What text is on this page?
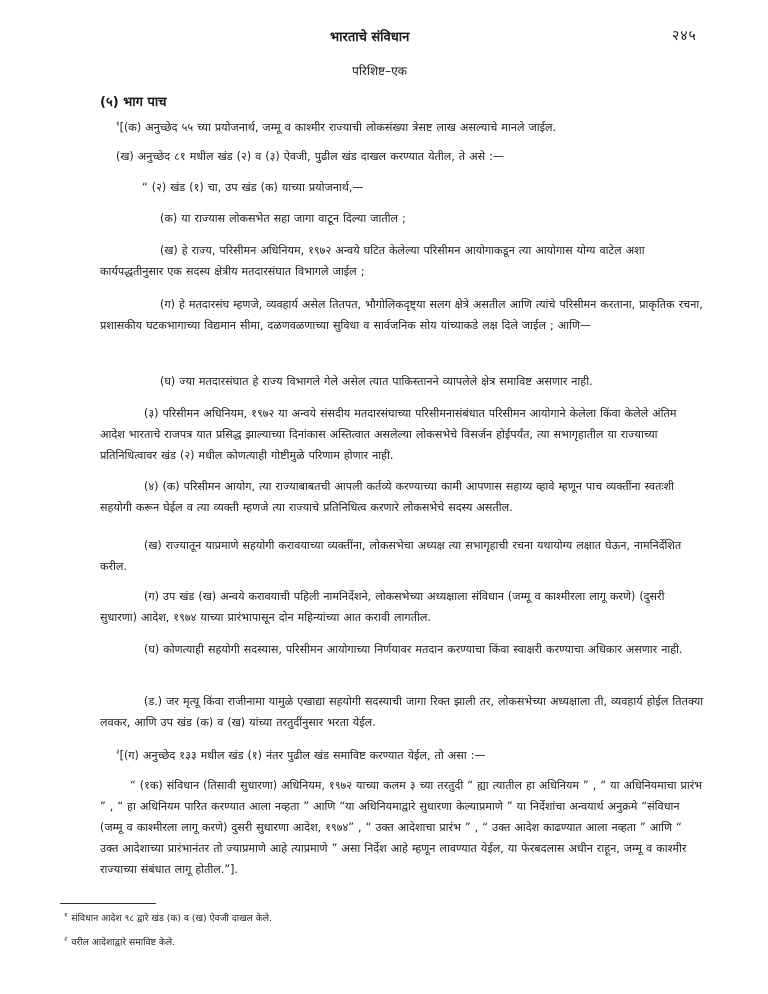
भारताचे संविधान	२४५
परिशिष्ट–एक
(५) भाग पाच

$^१$[(क) अनुच्छेद ५५ च्या प्रयोजनार्थ, जम्मू व काश्मीर राज्याची लोकसंख्या त्रेसष्ट लाख असल्याचे मानले जाईल.

(ख) अनुच्छेद ८१ मधील खंड (२) व (३) ऐवजी, पुढील खंड दाखल करण्यात येतील, ते असे :—

“ (२) खंड (१) चा, उप खंड (क) याच्या प्रयोजनार्थ,—

(क) या राज्यास लोकसभेत सहा जागा वाटून दिल्या जातील ;

(ख) हे राज्य, परिसीमन अधिनियम, १९७२ अन्वये घटित केलेल्या परिसीमन आयोगाकडून त्या आयोगास योग्य वाटेल अशा कार्यपद्धतीनुसार एक सदस्य क्षेत्रीय मतदारसंघात विभागले जाईल ;

(ग) हे मतदारसंघ म्हणजे, व्यवहार्य असेल तितपत, भौगोलिकदृष्ट्या सलग क्षेत्रे असतील आणि त्यांचे परिसीमन करताना, प्राकृतिक रचना, प्रशासकीय घटकभागाच्या विद्यमान सीमा, दळणवळणाच्या सुविधा व सार्वजनिक सोय यांच्याकडे लक्ष दिले जाईल ; आणि—

(घ) ज्या मतदारसंघात हे राज्य विभागले गेले असेल त्यात पाकिस्तानने व्यापलेले क्षेत्र समाविष्ट असणार नाही.

(३) परिसीमन अधिनियम, १९७२ या अन्वये संसदीय मतदारसंघाच्या परिसीमनासंबंधात परिसीमन आयोगाने केलेला किंवा केलेले अंतिम आदेश भारताचे राजपत्र यात प्रसिद्ध झाल्याच्या दिनांकास अस्तित्वात असलेल्या लोकसभेचे विसर्जन होईपर्यंत, त्या सभागृहातील या राज्याच्या प्रतिनिधित्वावर खंड (२) मधील कोणत्याही गोष्टीमुळे परिणाम होणार नाही.

(४) (क) परिसीमन आयोग, त्या राज्याबाबतची आपली कर्तव्ये करण्याच्या कामी आपणास सहाय्य व्हावे म्हणून पाच व्यक्तींना स्वतःशी सहयोगी करून घेईल व त्या व्यक्ती म्हणजे त्या राज्याचे प्रतिनिधित्व करणारे लोकसभेचे सदस्य असतील.

(ख) राज्यातून याप्रमाणे सहयोगी करावयाच्या व्यक्तींना, लोकसभेचा अध्यक्ष त्या सभागृहाची रचना यथायोग्य लक्षात घेऊन, नामनिर्देशित करील.

(ग) उप खंड (ख) अन्वये करावयाची पहिली नामनिर्देशने, लोकसभेच्या अध्यक्षाला संविधान (जम्मू व काश्मीरला लागू करणे) (दुसरी सुधारणा) आदेश, १९७४ याच्या प्रारंभापासून दोन महिन्यांच्या आत करावी लागतील.

(घ) कोणत्याही सहयोगी सदस्यास, परिसीमन आयोगाच्या निर्णयावर मतदान करण्याचा किंवा स्वाक्षरी करण्याचा अधिकार असणार नाही.

(ड.) जर मृत्यू किंवा राजीनामा यामुळे एखाद्या सहयोगी सदस्याची जागा रिक्त झाली तर, लोकसभेच्या अध्यक्षाला ती, व्यवहार्य होईल तितक्या लवकर, आणि उप खंड (क) व (ख) यांच्या तरतुदींनुसार भरता येईल.

$^२$[(ग) अनुच्छेद १३३ मधील खंड (१) नंतर पुढील खंड समाविष्ट करण्यात येईल, तो असा :—

“ (१क) संविधान (तिसावी सुधारणा) अधिनियम, १९७२ याच्या कलम ३ च्या तरतुदी “ ह्या त्यातील हा अधिनियम ” , “ या अधिनियमाचा प्रारंभ ” , “ हा अधिनियम पारित करण्यात आला नव्हता ” आणि “या अधिनियमाद्वारे सुधारणा केल्याप्रमाणे ” या निर्देशांचा अन्वयार्थ अनुक्रमे “संविधान (जम्मू व काश्मीरला लागू करणे) दुसरी सुधारणा आदेश, १९७४” , “ उक्त आदेशाचा प्रारंभ ” , “ उक्त आदेश काढण्यात आला नव्हता ” आणि “ उक्त आदेशाच्या प्रारंभानंतर तो ज्याप्रमाणे आहे त्याप्रमाणे ” असा निर्देश आहे म्हणून लावण्यात येईल, या फेरबदलास अधीन राहून, जम्मू व काश्मीर राज्याच्या संबंधात लागू होतील.”].

$^१$ संविधान आदेश ९८ द्वारे खंड (क) व (ख) ऐवजी दाखल केले.
$^२$ वरील आदेशाद्वारे समाविष्ट केले.
